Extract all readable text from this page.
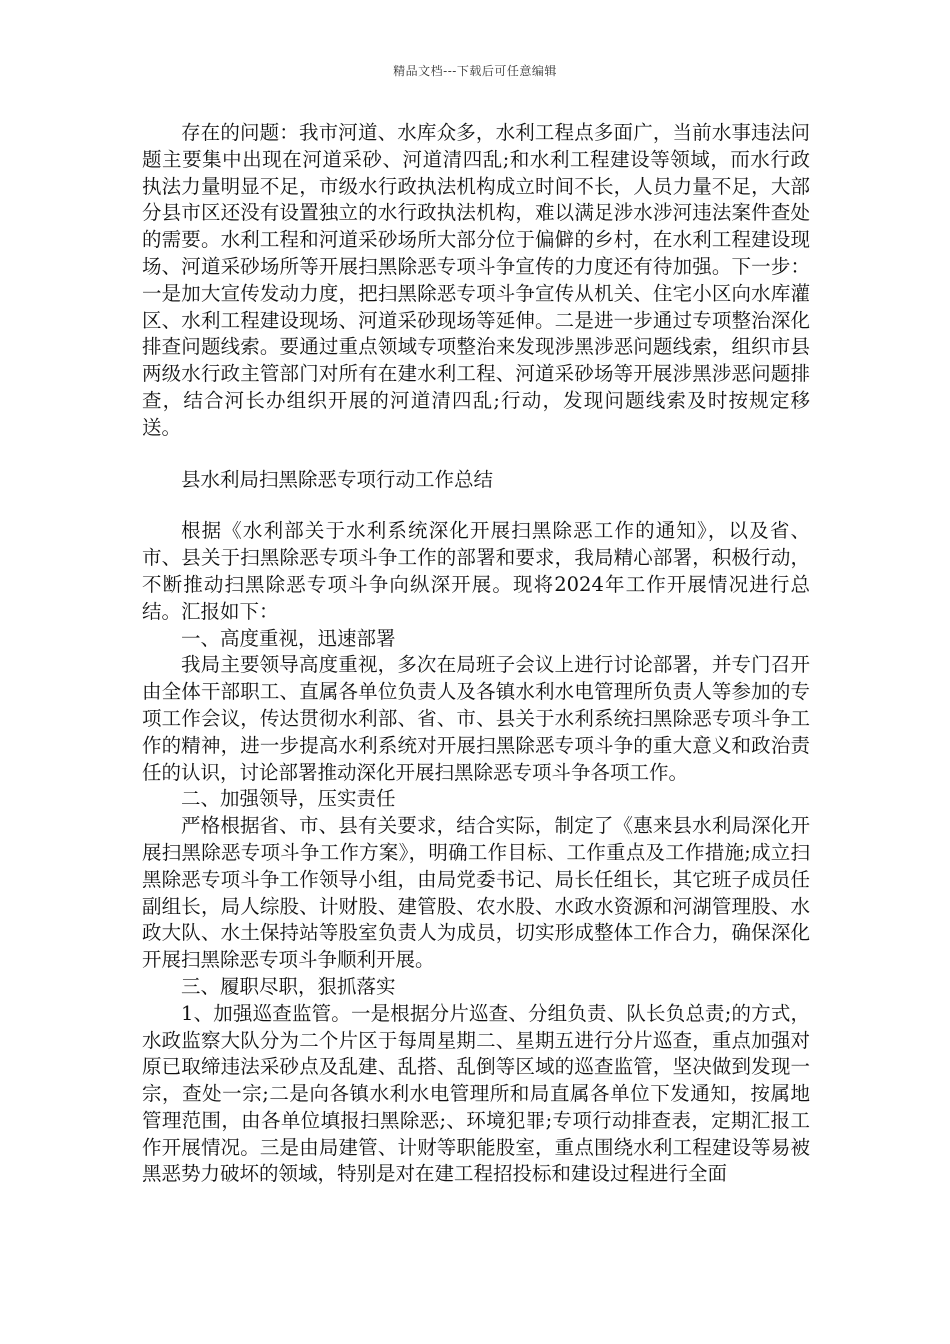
精品文档---下载后可任意编辑

存在的问题：我市河道、水库众多，水利工程点多面广，当前水事违法问题主要集中出现在河道采砂、河道清四乱;和水利工程建设等领域，而水行政执法力量明显不足，市级水行政执法机构成立时间不长，人员力量不足，大部分县市区还没有设置独立的水行政执法机构，难以满足涉水涉河违法案件查处的需要。水利工程和河道采砂场所大部分位于偏僻的乡村，在水利工程建设现场、河道采砂场所等开展扫黑除恶专项斗争宣传的力度还有待加强。下一步：一是加大宣传发动力度，把扫黑除恶专项斗争宣传从机关、住宅小区向水库灌区、水利工程建设现场、河道采砂现场等延伸。二是进一步通过专项整治深化排查问题线索。要通过重点领域专项整治来发现涉黑涉恶问题线索，组织市县两级水行政主管部门对所有在建水利工程、河道采砂场等开展涉黑涉恶问题排查，结合河长办组织开展的河道清四乱;行动，发现问题线索及时按规定移送。

县水利局扫黑除恶专项行动工作总结

根据《水利部关于水利系统深化开展扫黑除恶工作的通知》，以及省、市、县关于扫黑除恶专项斗争工作的部署和要求，我局精心部署，积极行动，不断推动扫黑除恶专项斗争向纵深开展。现将2024年工作开展情况进行总结。汇报如下：

一、高度重视，迅速部署

我局主要领导高度重视，多次在局班子会议上进行讨论部署，并专门召开由全体干部职工、直属各单位负责人及各镇水利水电管理所负责人等参加的专项工作会议，传达贯彻水利部、省、市、县关于水利系统扫黑除恶专项斗争工作的精神，进一步提高水利系统对开展扫黑除恶专项斗争的重大意义和政治责任的认识，讨论部署推动深化开展扫黑除恶专项斗争各项工作。

二、加强领导，压实责任

严格根据省、市、县有关要求，结合实际，制定了《惠来县水利局深化开展扫黑除恶专项斗争工作方案》，明确工作目标、工作重点及工作措施;成立扫黑除恶专项斗争工作领导小组，由局党委书记、局长任组长，其它班子成员任副组长，局人综股、计财股、建管股、农水股、水政水资源和河湖管理股、水政大队、水土保持站等股室负责人为成员，切实形成整体工作合力，确保深化开展扫黑除恶专项斗争顺利开展。

三、履职尽职，狠抓落实

1、加强巡查监管。一是根据分片巡查、分组负责、队长负总责;的方式，水政监察大队分为二个片区于每周星期二、星期五进行分片巡查，重点加强对原已取缔违法采砂点及乱建、乱搭、乱倒等区域的巡查监管，坚决做到发现一宗，查处一宗;二是向各镇水利水电管理所和局直属各单位下发通知，按属地管理范围，由各单位填报扫黑除恶;、环境犯罪;专项行动排查表，定期汇报工作开展情况。三是由局建管、计财等职能股室，重点围绕水利工程建设等易被黑恶势力破坏的领域，特别是对在建工程招投标和建设过程进行全面
